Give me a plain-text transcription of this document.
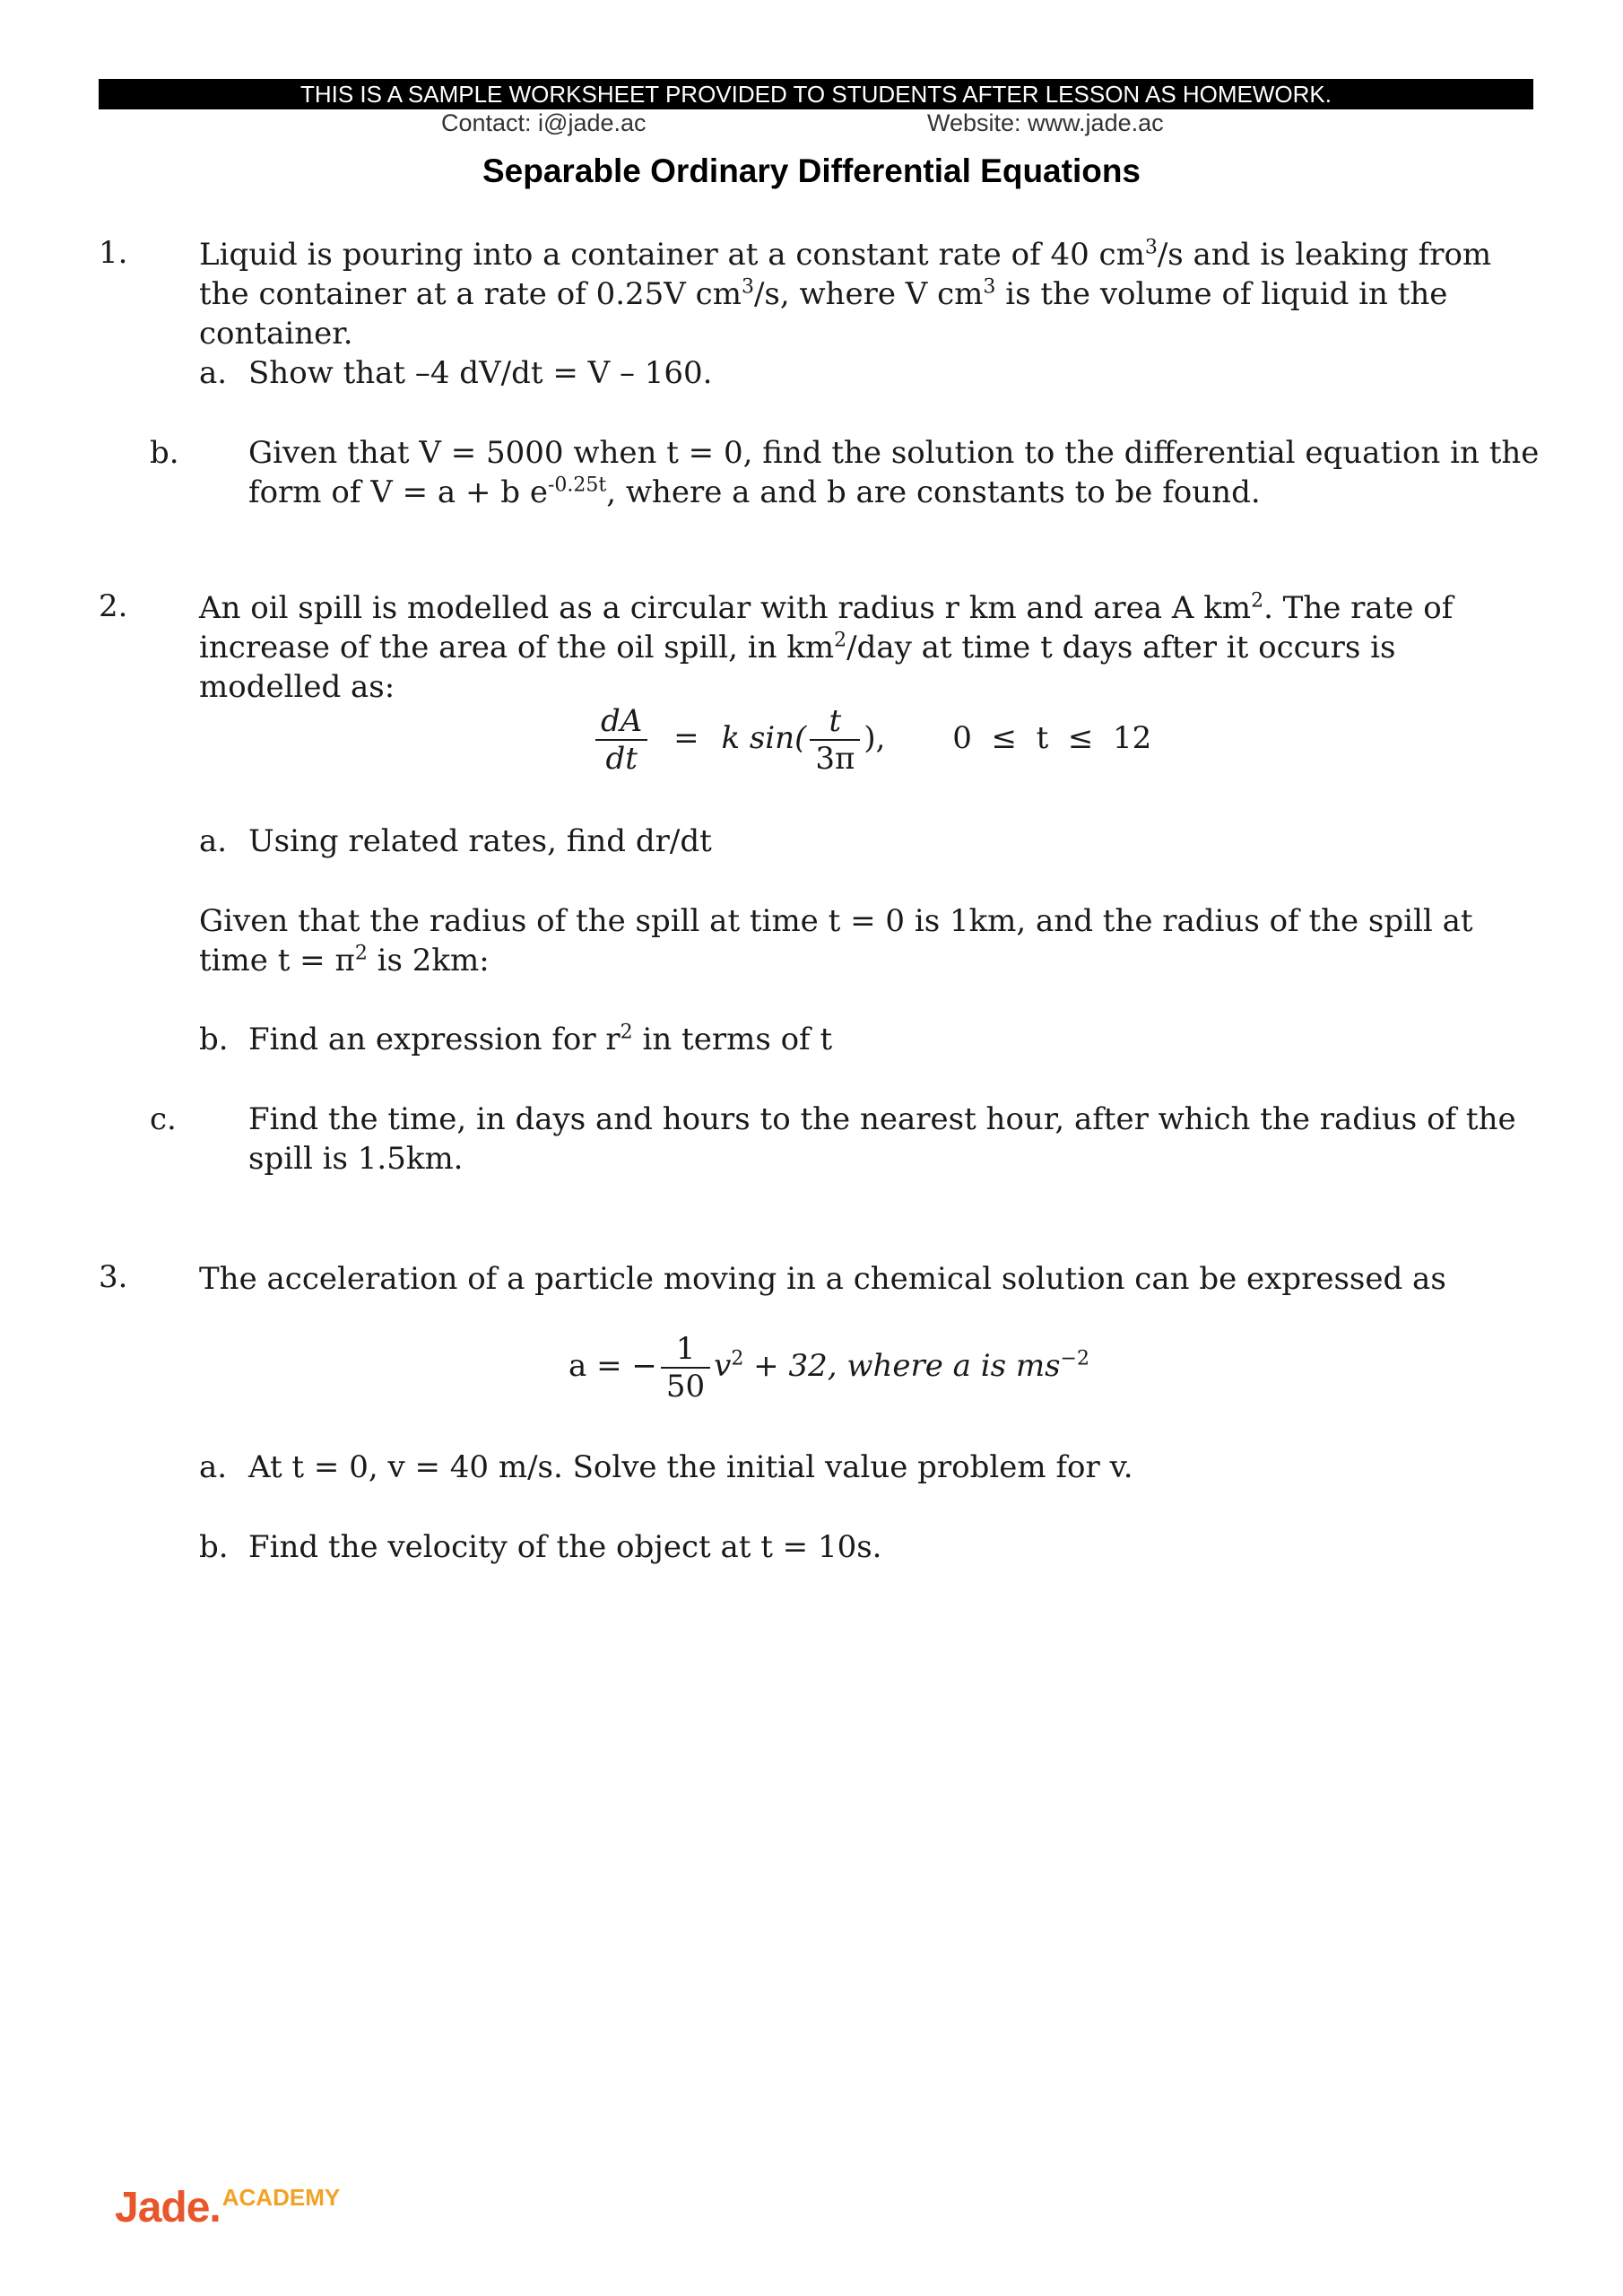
THIS IS A SAMPLE WORKSHEET PROVIDED TO STUDENTS AFTER LESSON AS HOMEWORK.
Contact: i@jade.ac	Website: www.jade.ac
Separable Ordinary Differential Equations
1. Liquid is pouring into a container at a constant rate of 40 $cm^3/s$ and is leaking from the container at a rate of 0.25V $cm^3/s$, where V $cm^3$ is the volume of liquid in the container.

a. Show that –4 dV/dt = V – 160.

b. Given that V = 5000 when t = 0, find the solution to the differential equation in the form of V = a + b $e^{-0.25t}$, where a and b are constants to be found.

2. An oil spill is modelled as a circular with radius r km and area A $km^2$. The rate of increase of the area of the oil spill, in $km^2$/day at time t days after it occurs is modelled as:

$\frac{dA}{dt} = k$ $\sin( \frac{t}{3\pi}$ ), 0  ≤  t  ≤  12

a. Using related rates, find dr/dt

Given that the radius of the spill at time t = 0 is 1km, and the radius of the spill at time $t = \pi^2$ is 2km:

b. Find an expression for $r^2$ in terms of t

c. Find the time, in days and hours to the nearest hour, after which the radius of the spill is 1.5km.

3. The acceleration of a particle moving in a chemical solution can be expressed as

a = − $\frac{1}{50} v^2 + 32$, where a is $ms^{-2}$

a. At t = 0, v = 40 m/s. Solve the initial value problem for v.

b. Find the velocity of the object at t = 10s.

Jade.ACADEMY
